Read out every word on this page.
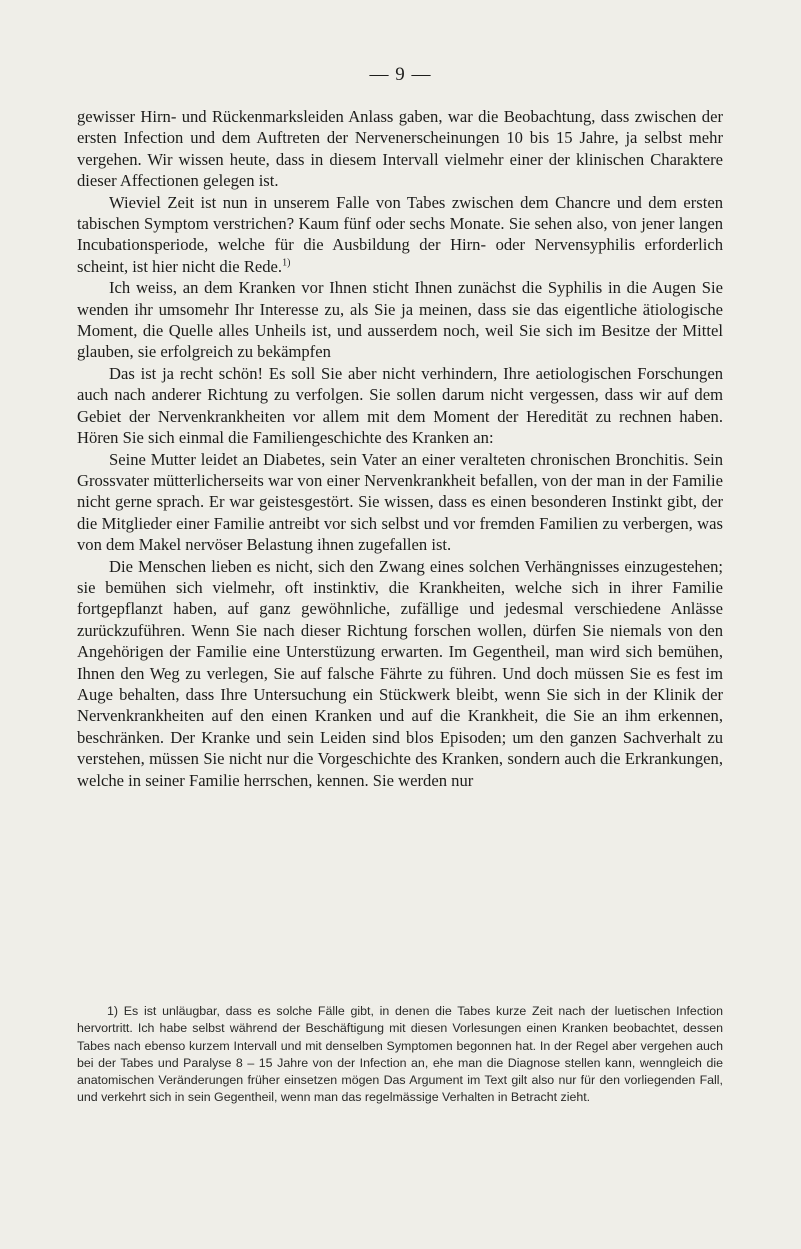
— 9 —

gewisser Hirn- und Rückenmarksleiden Anlass gaben, war die Beobachtung, dass zwischen der ersten Infection und dem Auftreten der Nervenerscheinungen 10 bis 15 Jahre, ja selbst mehr vergehen. Wir wissen heute, dass in diesem Intervall vielmehr einer der klinischen Charaktere dieser Affectionen gelegen ist.

Wieviel Zeit ist nun in unserem Falle von Tabes zwischen dem Chancre und dem ersten tabischen Symptom verstrichen? Kaum fünf oder sechs Monate. Sie sehen also, von jener langen Incubationsperiode, welche für die Ausbildung der Hirn- oder Nervensyphilis erforderlich scheint, ist hier nicht die Rede.$^{1)}$

Ich weiss, an dem Kranken vor Ihnen sticht Ihnen zunächst die Syphilis in die Augen Sie wenden ihr umsomehr Ihr Interesse zu, als Sie ja meinen, dass sie das eigentliche ätiologische Moment, die Quelle alles Unheils ist, und ausserdem noch, weil Sie sich im Besitze der Mittel glauben, sie erfolgreich zu bekämpfen

Das ist ja recht schön! Es soll Sie aber nicht verhindern, Ihre aetiologischen Forschungen auch nach anderer Richtung zu verfolgen. Sie sollen darum nicht vergessen, dass wir auf dem Gebiet der Nervenkrankheiten vor allem mit dem Moment der Heredität zu rechnen haben. Hören Sie sich einmal die Familiengeschichte des Kranken an:

Seine Mutter leidet an Diabetes, sein Vater an einer veralteten chronischen Bronchitis. Sein Grossvater mütterlicherseits war von einer Nervenkrankheit befallen, von der man in der Familie nicht gerne sprach. Er war geistesgestört. Sie wissen, dass es einen besonderen Instinkt gibt, der die Mitglieder einer Familie antreibt vor sich selbst und vor fremden Familien zu verbergen, was von dem Makel nervöser Belastung ihnen zugefallen ist.

Die Menschen lieben es nicht, sich den Zwang eines solchen Verhängnisses einzugestehen; sie bemühen sich vielmehr, oft instinktiv, die Krankheiten, welche sich in ihrer Familie fortgepflanzt haben, auf ganz gewöhnliche, zufällige und jedesmal verschiedene Anlässe zurückzuführen. Wenn Sie nach dieser Richtung forschen wollen, dürfen Sie niemals von den Angehörigen der Familie eine Unterstüzung erwarten. Im Gegentheil, man wird sich bemühen, Ihnen den Weg zu verlegen, Sie auf falsche Fährte zu führen. Und doch müssen Sie es fest im Auge behalten, dass Ihre Untersuchung ein Stückwerk bleibt, wenn Sie sich in der Klinik der Nervenkrankheiten auf den einen Kranken und auf die Krankheit, die Sie an ihm erkennen, beschränken. Der Kranke und sein Leiden sind blos Episoden; um den ganzen Sachverhalt zu verstehen, müssen Sie nicht nur die Vorgeschichte des Kranken, sondern auch die Erkrankungen, welche in seiner Familie herrschen, kennen. Sie werden nur

1) Es ist unläugbar, dass es solche Fälle gibt, in denen die Tabes kurze Zeit nach der luetischen Infection hervortritt. Ich habe selbst während der Beschäftigung mit diesen Vorlesungen einen Kranken beobachtet, dessen Tabes nach ebenso kurzem Intervall und mit denselben Symptomen begonnen hat. In der Regel aber vergehen auch bei der Tabes und Paralyse 8 – 15 Jahre von der Infection an, ehe man die Diagnose stellen kann, wenngleich die anatomischen Veränderungen früher einsetzen mögen Das Argument im Text gilt also nur für den vorliegenden Fall, und verkehrt sich in sein Gegentheil, wenn man das regelmässige Verhalten in Betracht zieht.
